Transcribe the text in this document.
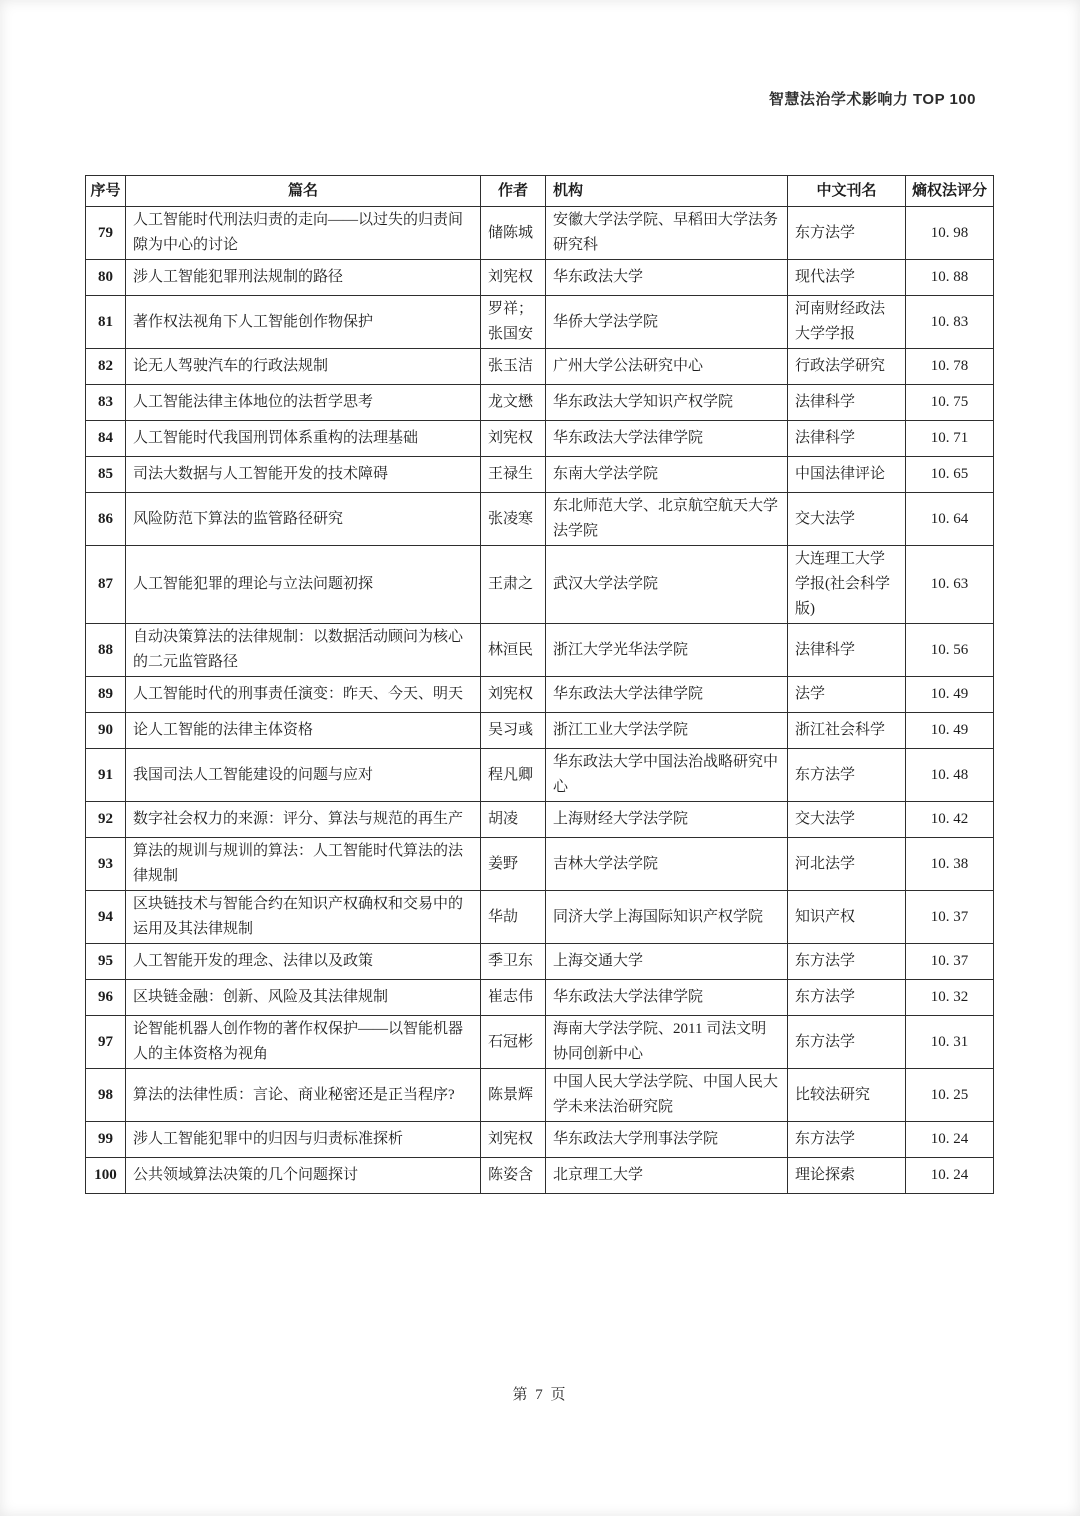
智慧法治学术影响力 TOP 100
序号	篇名	作者	机构	中文刊名	熵权法评分
79	人工智能时代刑法归责的走向——以过失的归责间隙为中心的讨论	储陈城	安徽大学法学院、早稻田大学法务研究科	东方法学	10. 98
80	涉人工智能犯罪刑法规制的路径	刘宪权	华东政法大学	现代法学	10. 88
81	著作权法视角下人工智能创作物保护	罗祥；张国安	华侨大学法学院	河南财经政法大学学报	10. 83
82	论无人驾驶汽车的行政法规制	张玉洁	广州大学公法研究中心	行政法学研究	10. 78
83	人工智能法律主体地位的法哲学思考	龙文懋	华东政法大学知识产权学院	法律科学	10. 75
84	人工智能时代我国刑罚体系重构的法理基础	刘宪权	华东政法大学法律学院	法律科学	10. 71
85	司法大数据与人工智能开发的技术障碍	王禄生	东南大学法学院	中国法律评论	10. 65
86	风险防范下算法的监管路径研究	张凌寒	东北师范大学、北京航空航天大学法学院	交大法学	10. 64
87	人工智能犯罪的理论与立法问题初探	王肃之	武汉大学法学院	大连理工大学学报(社会科学版)	10. 63
88	自动决策算法的法律规制：以数据活动顾问为核心的二元监管路径	林洹民	浙江大学光华法学院	法律科学	10. 56
89	人工智能时代的刑事责任演变：昨天、今天、明天	刘宪权	华东政法大学法律学院	法学	10. 49
90	论人工智能的法律主体资格	吴习彧	浙江工业大学法学院	浙江社会科学	10. 49
91	我国司法人工智能建设的问题与应对	程凡卿	华东政法大学中国法治战略研究中心	东方法学	10. 48
92	数字社会权力的来源：评分、算法与规范的再生产	胡凌	上海财经大学法学院	交大法学	10. 42
93	算法的规训与规训的算法：人工智能时代算法的法律规制	姜野	吉林大学法学院	河北法学	10. 38
94	区块链技术与智能合约在知识产权确权和交易中的运用及其法律规制	华劼	同济大学上海国际知识产权学院	知识产权	10. 37
95	人工智能开发的理念、法律以及政策	季卫东	上海交通大学	东方法学	10. 37
96	区块链金融：创新、风险及其法律规制	崔志伟	华东政法大学法律学院	东方法学	10. 32
97	论智能机器人创作物的著作权保护——以智能机器人的主体资格为视角	石冠彬	海南大学法学院、2011 司法文明协同创新中心	东方法学	10. 31
98	算法的法律性质：言论、商业秘密还是正当程序?	陈景辉	中国人民大学法学院、中国人民大学未来法治研究院	比较法研究	10. 25
99	涉人工智能犯罪中的归因与归责标准探析	刘宪权	华东政法大学刑事法学院	东方法学	10. 24
100	公共领域算法决策的几个问题探讨	陈姿含	北京理工大学	理论探索	10. 24
第 7 页
